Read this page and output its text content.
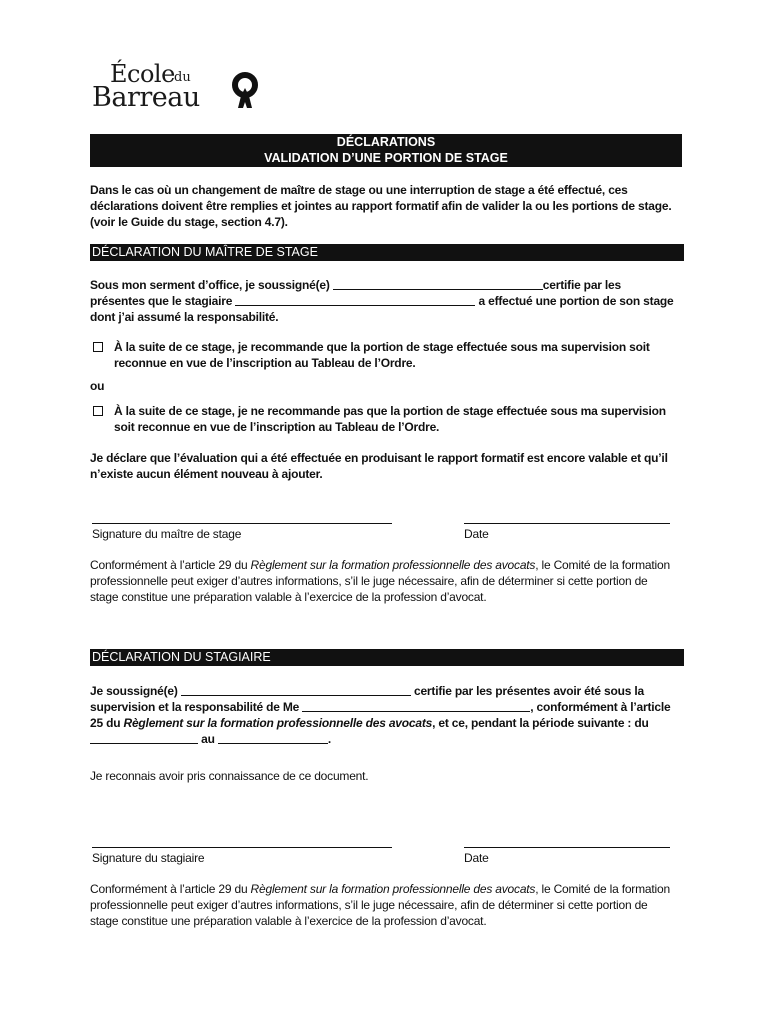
École du
Barreau
DÉCLARATIONS
VALIDATION D’UNE PORTION DE STAGE
Dans le cas où un changement de maître de stage ou une interruption de stage a été effectué, ces déclarations doivent être remplies et jointes au rapport formatif afin de valider la ou les portions de stage. (voir le Guide du stage, section 4.7).
DÉCLARATION DU MAÎTRE DE STAGE
Sous mon serment d’office, je soussigné(e)	certifie par les
présentes que le stagiaire	a effectué une portion de son stage
dont j’ai assumé la responsabilité.
À la suite de ce stage, je recommande que la portion de stage effectuée sous ma supervision soit
reconnue en vue de l’inscription au Tableau de l’Ordre.
ou
À la suite de ce stage, je ne recommande pas que la portion de stage effectuée sous ma supervision
soit reconnue en vue de l’inscription au Tableau de l’Ordre.
Je déclare que l’évaluation qui a été effectuée en produisant le rapport formatif est encore valable et qu’il
n’existe aucun élément nouveau à ajouter.
Signature du maître de stage	Date
Conformément à l’article 29 du Règlement sur la formation professionnelle des avocats, le Comité de la formation
professionnelle peut exiger d’autres informations, s’il le juge nécessaire, afin de déterminer si cette portion de
stage constitue une préparation valable à l’exercice de la profession d’avocat.
DÉCLARATION DU STAGIAIRE
Je soussigné(e)	certifie par les présentes avoir été sous la
supervision et la responsabilité de Me	, conformément à l’article
25 du Règlement sur la formation professionnelle des avocats, et ce, pendant la période suivante : du
au	.
Je reconnais avoir pris connaissance de ce document.
Signature du stagiaire	Date
Conformément à l’article 29 du Règlement sur la formation professionnelle des avocats, le Comité de la formation
professionnelle peut exiger d’autres informations, s’il le juge nécessaire, afin de déterminer si cette portion de
stage constitue une préparation valable à l’exercice de la profession d’avocat.
